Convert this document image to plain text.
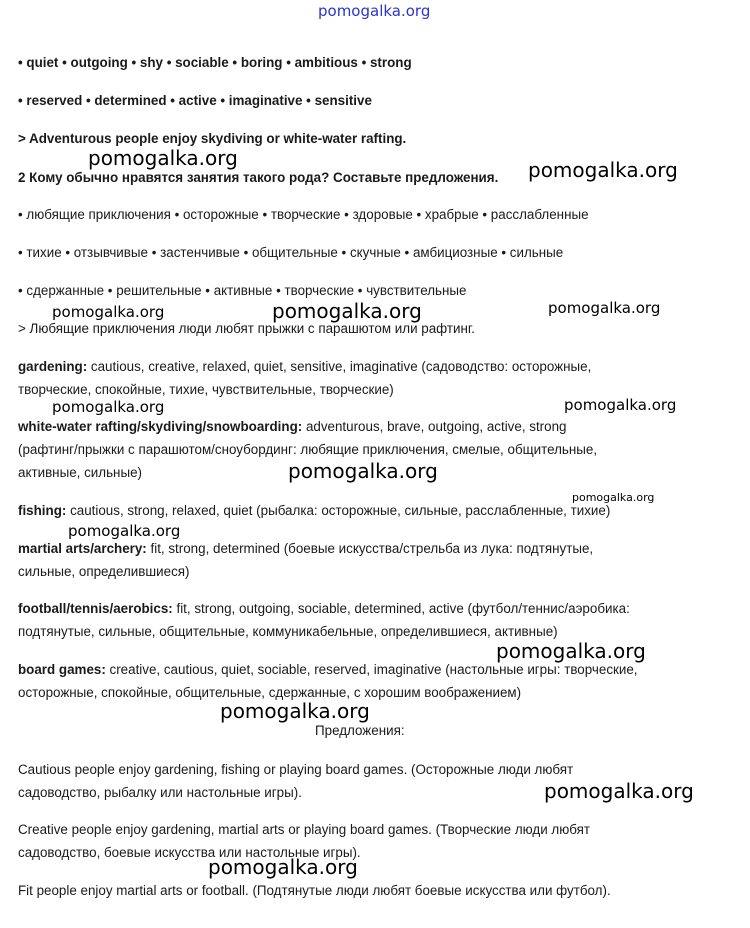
pomogalka.org
• quiet • outgoing • shy • sociable • boring • ambitious • strong
• reserved • determined • active • imaginative • sensitive
> Adventurous people enjoy skydiving or white-water rafting.
2 Кому обычно нравятся занятия такого рода? Составьте предложения.
• любящие приключения • осторожные • творческие • здоровые • храбрые • расслабленные
• тихие • отзывчивые • застенчивые • общительные • скучные • амбициозные • сильные
• сдержанные • решительные • активные • творческие • чувствительные
> Любящие приключения люди любят прыжки с парашютом или рафтинг.
gardening: cautious, creative, relaxed, quiet, sensitive, imaginative (садоводство: осторожные,
творческие, спокойные, тихие, чувствительные, творческие)
white-water rafting/skydiving/snowboarding: adventurous, brave, outgoing, active, strong
(рафтинг/прыжки с парашютом/сноубординг: любящие приключения, смелые, общительные,
активные, сильные)
fishing: cautious, strong, relaxed, quiet (рыбалка: осторожные, сильные, расслабленные, тихие)
martial arts/archery: fit, strong, determined (боевые искусства/стрельба из лука: подтянутые,
сильные, определившиеся)
football/tennis/aerobics: fit, strong, outgoing, sociable, determined, active (футбол/теннис/аэробика:
подтянутые, сильные, общительные, коммуникабельные, определившиеся, активные)
board games: creative, cautious, quiet, sociable, reserved, imaginative (настольные игры: творческие,
осторожные, спокойные, общительные, сдержанные, с хорошим воображением)
Предложения:
Cautious people enjoy gardening, fishing or playing board games. (Осторожные люди любят
садоводство, рыбалку или настольные игры).
Creative people enjoy gardening, martial arts or playing board games. (Творческие люди любят
садоводство, боевые искусства или настольные игры).
Fit people enjoy martial arts or football. (Подтянутые люди любят боевые искусства или футбол).
pomogalka.org	pomogalka.org
pomogalka.org	pomogalka.org	pomogalka.org
pomogalka.org	pomogalka.org
pomogalka.org
pomogalka.org
pomogalka.org
pomogalka.org
pomogalka.org
pomogalka.org
pomogalka.org
